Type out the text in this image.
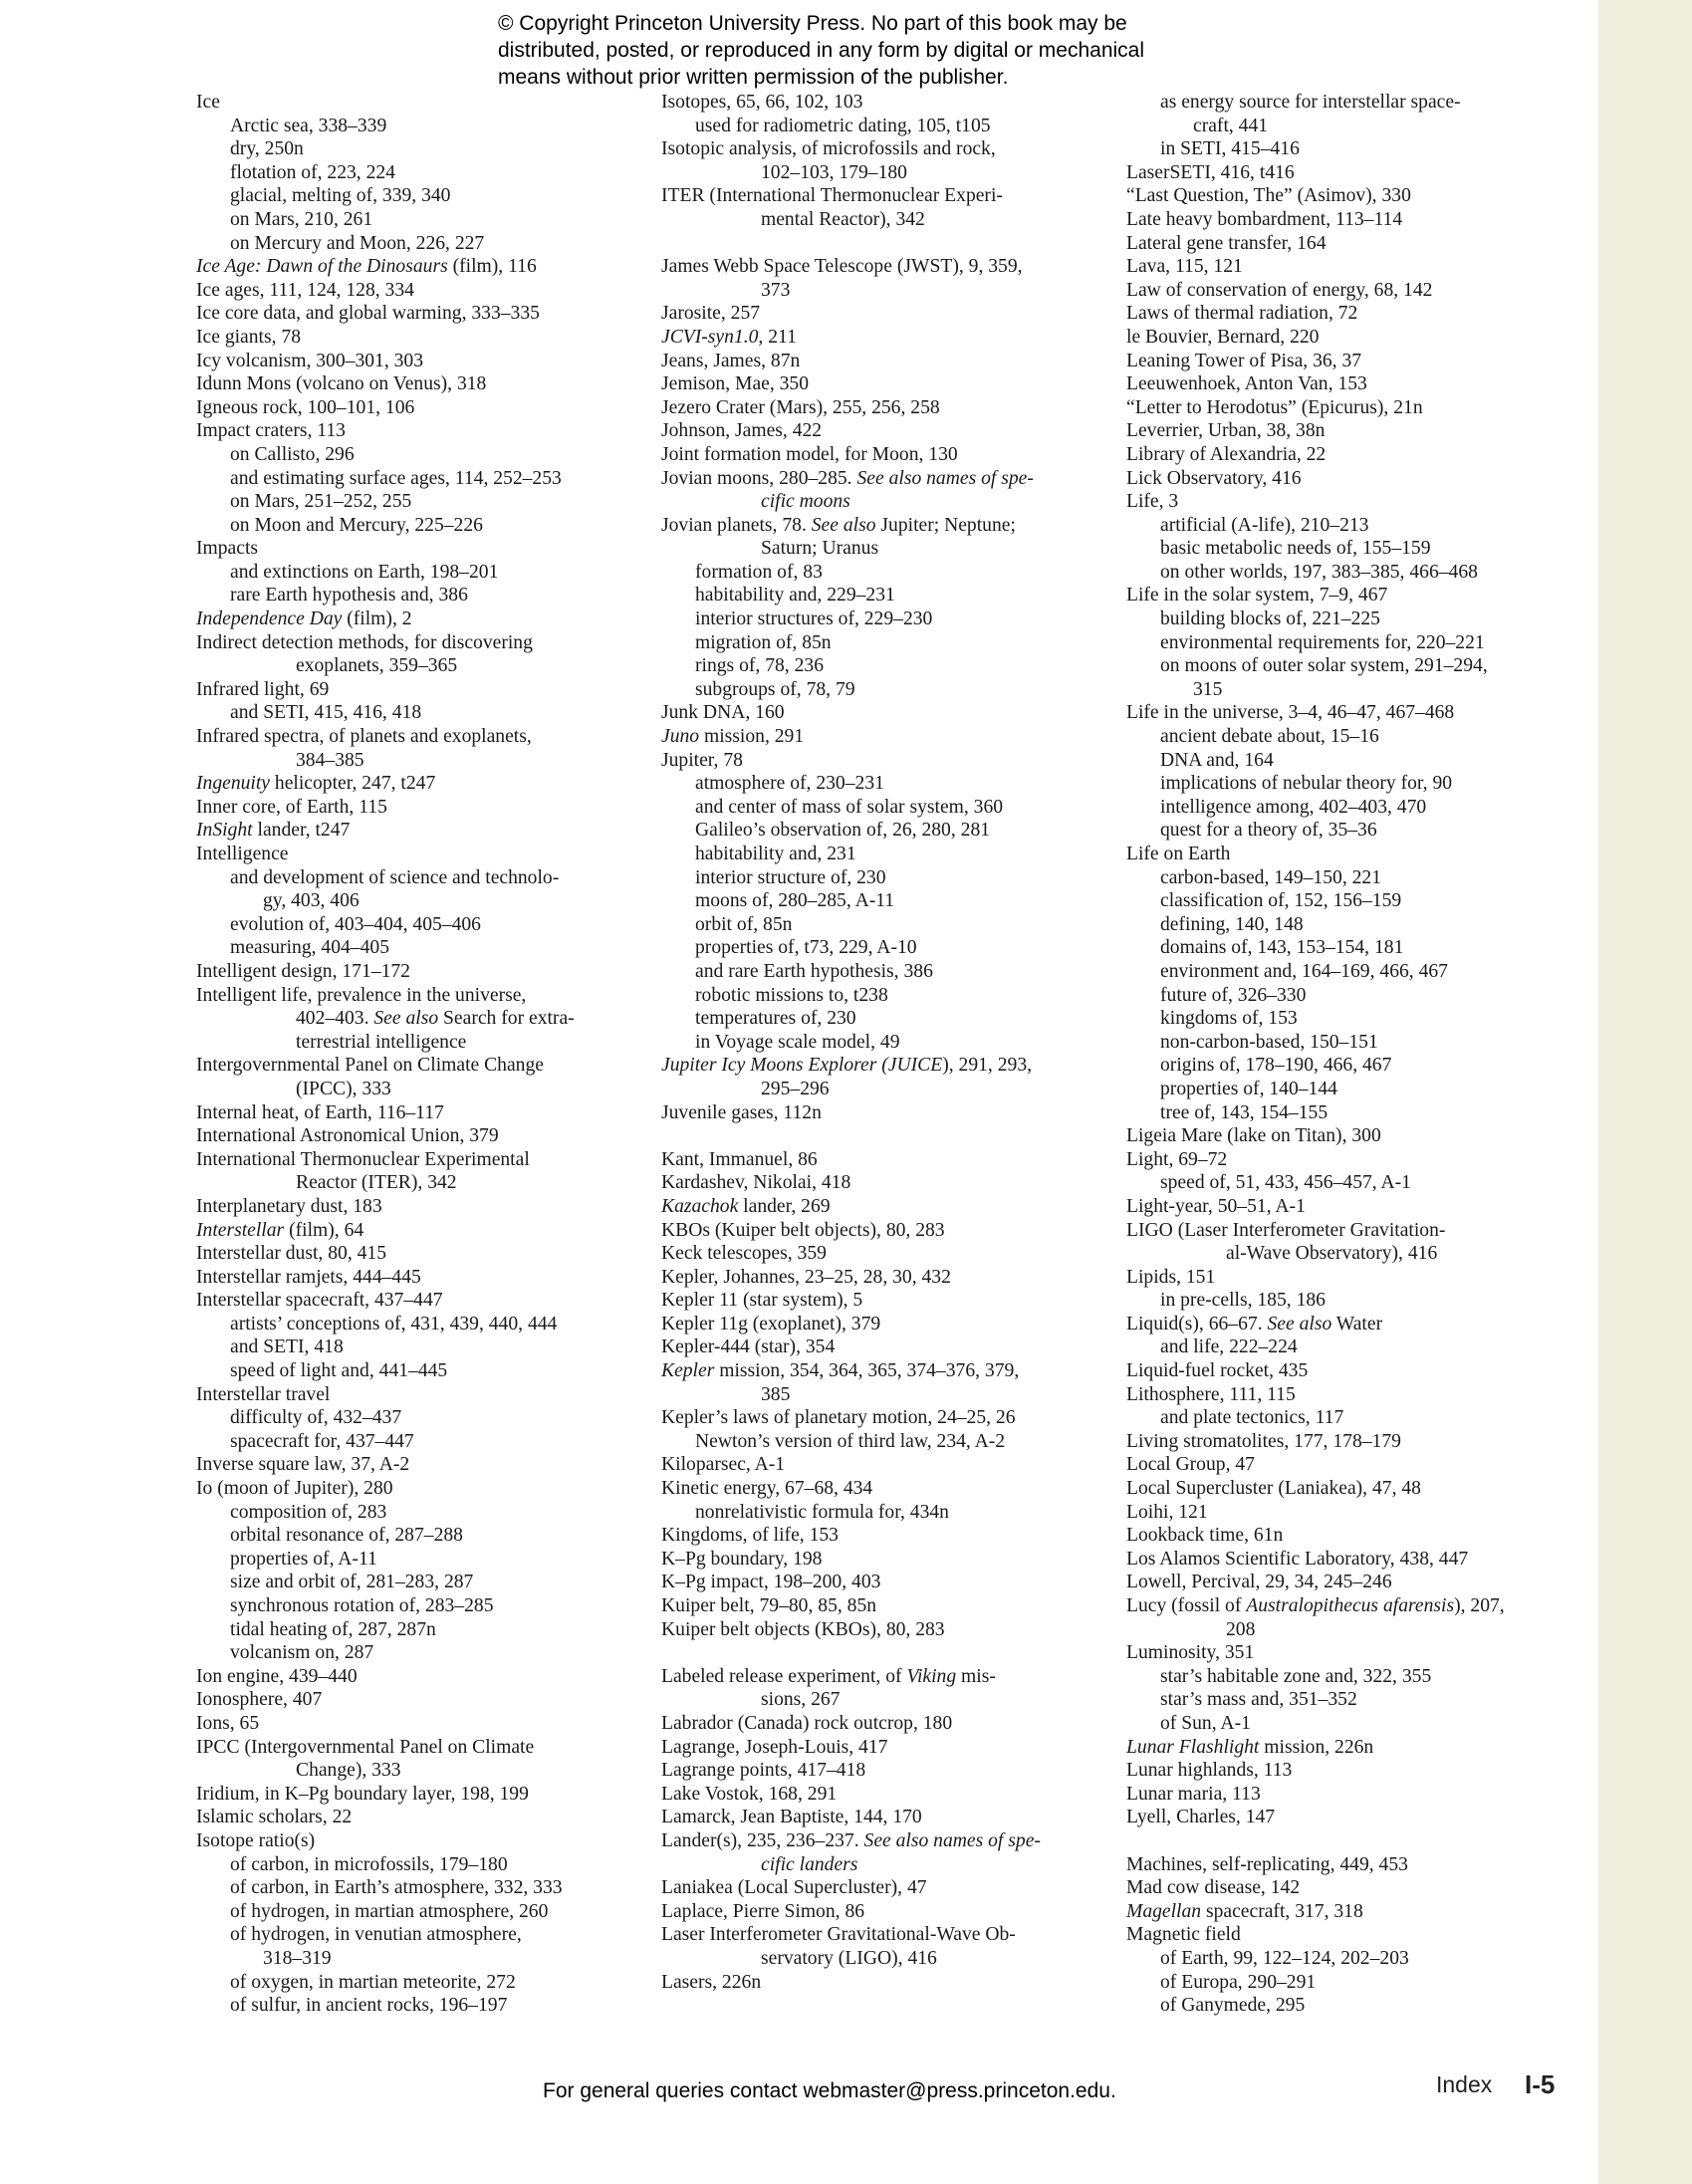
© Copyright Princeton University Press. No part of this book may be
distributed, posted, or reproduced in any form by digital or mechanical
means without prior written permission of the publisher.
Ice
Arctic sea, 338–339
dry, 250n
flotation of, 223, 224
glacial, melting of, 339, 340
on Mars, 210, 261
on Mercury and Moon, 226, 227
Ice Age: Dawn of the Dinosaurs (film), 116
Ice ages, 111, 124, 128, 334
Ice core data, and global warming, 333–335
Ice giants, 78
Icy volcanism, 300–301, 303
Idunn Mons (volcano on Venus), 318
Igneous rock, 100–101, 106
Impact craters, 113
on Callisto, 296
and estimating surface ages, 114, 252–253
on Mars, 251–252, 255
on Moon and Mercury, 225–226
Impacts
and extinctions on Earth, 198–201
rare Earth hypothesis and, 386
Independence Day (film), 2
Indirect detection methods, for discovering
exoplanets, 359–365
Infrared light, 69
and SETI, 415, 416, 418
Infrared spectra, of planets and exoplanets,
384–385
Ingenuity helicopter, 247, t247
Inner core, of Earth, 115
InSight lander, t247
Intelligence
and development of science and technolo-
gy, 403, 406
evolution of, 403–404, 405–406
measuring, 404–405
Intelligent design, 171–172
Intelligent life, prevalence in the universe,
402–403. See also Search for extra-
terrestrial intelligence
Intergovernmental Panel on Climate Change
(IPCC), 333
Internal heat, of Earth, 116–117
International Astronomical Union, 379
International Thermonuclear Experimental
Reactor (ITER), 342
Interplanetary dust, 183
Interstellar (film), 64
Interstellar dust, 80, 415
Interstellar ramjets, 444–445
Interstellar spacecraft, 437–447
artists’ conceptions of, 431, 439, 440, 444
and SETI, 418
speed of light and, 441–445
Interstellar travel
difficulty of, 432–437
spacecraft for, 437–447
Inverse square law, 37, A-2
Io (moon of Jupiter), 280
composition of, 283
orbital resonance of, 287–288
properties of, A-11
size and orbit of, 281–283, 287
synchronous rotation of, 283–285
tidal heating of, 287, 287n
volcanism on, 287
Ion engine, 439–440
Ionosphere, 407
Ions, 65
IPCC (Intergovernmental Panel on Climate
Change), 333
Iridium, in K–Pg boundary layer, 198, 199
Islamic scholars, 22
Isotope ratio(s)
of carbon, in microfossils, 179–180
of carbon, in Earth’s atmosphere, 332, 333
of hydrogen, in martian atmosphere, 260
of hydrogen, in venutian atmosphere,
318–319
of oxygen, in martian meteorite, 272
of sulfur, in ancient rocks, 196–197
Isotopes, 65, 66, 102, 103
used for radiometric dating, 105, t105
Isotopic analysis, of microfossils and rock,
102–103, 179–180
ITER (International Thermonuclear Experi-
mental Reactor), 342
James Webb Space Telescope (JWST), 9, 359,
373
Jarosite, 257
JCVI-syn1.0, 211
Jeans, James, 87n
Jemison, Mae, 350
Jezero Crater (Mars), 255, 256, 258
Johnson, James, 422
Joint formation model, for Moon, 130
Jovian moons, 280–285. See also names of spe-
cific moons
Jovian planets, 78. See also Jupiter; Neptune;
Saturn; Uranus
formation of, 83
habitability and, 229–231
interior structures of, 229–230
migration of, 85n
rings of, 78, 236
subgroups of, 78, 79
Junk DNA, 160
Juno mission, 291
Jupiter, 78
atmosphere of, 230–231
and center of mass of solar system, 360
Galileo’s observation of, 26, 280, 281
habitability and, 231
interior structure of, 230
moons of, 280–285, A-11
orbit of, 85n
properties of, t73, 229, A-10
and rare Earth hypothesis, 386
robotic missions to, t238
temperatures of, 230
in Voyage scale model, 49
Jupiter Icy Moons Explorer (JUICE), 291, 293,
295–296
Juvenile gases, 112n
Kant, Immanuel, 86
Kardashev, Nikolai, 418
Kazachok lander, 269
KBOs (Kuiper belt objects), 80, 283
Keck telescopes, 359
Kepler, Johannes, 23–25, 28, 30, 432
Kepler 11 (star system), 5
Kepler 11g (exoplanet), 379
Kepler-444 (star), 354
Kepler mission, 354, 364, 365, 374–376, 379,
385
Kepler’s laws of planetary motion, 24–25, 26
Newton’s version of third law, 234, A-2
Kiloparsec, A-1
Kinetic energy, 67–68, 434
nonrelativistic formula for, 434n
Kingdoms, of life, 153
K–Pg boundary, 198
K–Pg impact, 198–200, 403
Kuiper belt, 79–80, 85, 85n
Kuiper belt objects (KBOs), 80, 283
Labeled release experiment, of Viking mis-
sions, 267
Labrador (Canada) rock outcrop, 180
Lagrange, Joseph-Louis, 417
Lagrange points, 417–418
Lake Vostok, 168, 291
Lamarck, Jean Baptiste, 144, 170
Lander(s), 235, 236–237. See also names of spe-
cific landers
Laniakea (Local Supercluster), 47
Laplace, Pierre Simon, 86
Laser Interferometer Gravitational-Wave Ob-
servatory (LIGO), 416
Lasers, 226n
as energy source for interstellar space-
craft, 441
in SETI, 415–416
LaserSETI, 416, t416
“Last Question, The” (Asimov), 330
Late heavy bombardment, 113–114
Lateral gene transfer, 164
Lava, 115, 121
Law of conservation of energy, 68, 142
Laws of thermal radiation, 72
le Bouvier, Bernard, 220
Leaning Tower of Pisa, 36, 37
Leeuwenhoek, Anton Van, 153
“Letter to Herodotus” (Epicurus), 21n
Leverrier, Urban, 38, 38n
Library of Alexandria, 22
Lick Observatory, 416
Life, 3
artificial (A-life), 210–213
basic metabolic needs of, 155–159
on other worlds, 197, 383–385, 466–468
Life in the solar system, 7–9, 467
building blocks of, 221–225
environmental requirements for, 220–221
on moons of outer solar system, 291–294,
315
Life in the universe, 3–4, 46–47, 467–468
ancient debate about, 15–16
DNA and, 164
implications of nebular theory for, 90
intelligence among, 402–403, 470
quest for a theory of, 35–36
Life on Earth
carbon-based, 149–150, 221
classification of, 152, 156–159
defining, 140, 148
domains of, 143, 153–154, 181
environment and, 164–169, 466, 467
future of, 326–330
kingdoms of, 153
non-carbon-based, 150–151
origins of, 178–190, 466, 467
properties of, 140–144
tree of, 143, 154–155
Ligeia Mare (lake on Titan), 300
Light, 69–72
speed of, 51, 433, 456–457, A-1
Light-year, 50–51, A-1
LIGO (Laser Interferometer Gravitation-
al-Wave Observatory), 416
Lipids, 151
in pre-cells, 185, 186
Liquid(s), 66–67. See also Water
and life, 222–224
Liquid-fuel rocket, 435
Lithosphere, 111, 115
and plate tectonics, 117
Living stromatolites, 177, 178–179
Local Group, 47
Local Supercluster (Laniakea), 47, 48
Loihi, 121
Lookback time, 61n
Los Alamos Scientific Laboratory, 438, 447
Lowell, Percival, 29, 34, 245–246
Lucy (fossil of Australopithecus afarensis), 207,
208
Luminosity, 351
star’s habitable zone and, 322, 355
star’s mass and, 351–352
of Sun, A-1
Lunar Flashlight mission, 226n
Lunar highlands, 113
Lunar maria, 113
Lyell, Charles, 147
Machines, self-replicating, 449, 453
Mad cow disease, 142
Magellan spacecraft, 317, 318
Magnetic field
of Earth, 99, 122–124, 202–203
of Europa, 290–291
of Ganymede, 295
For general queries contact webmaster@press.princeton.edu.	Index I-5
